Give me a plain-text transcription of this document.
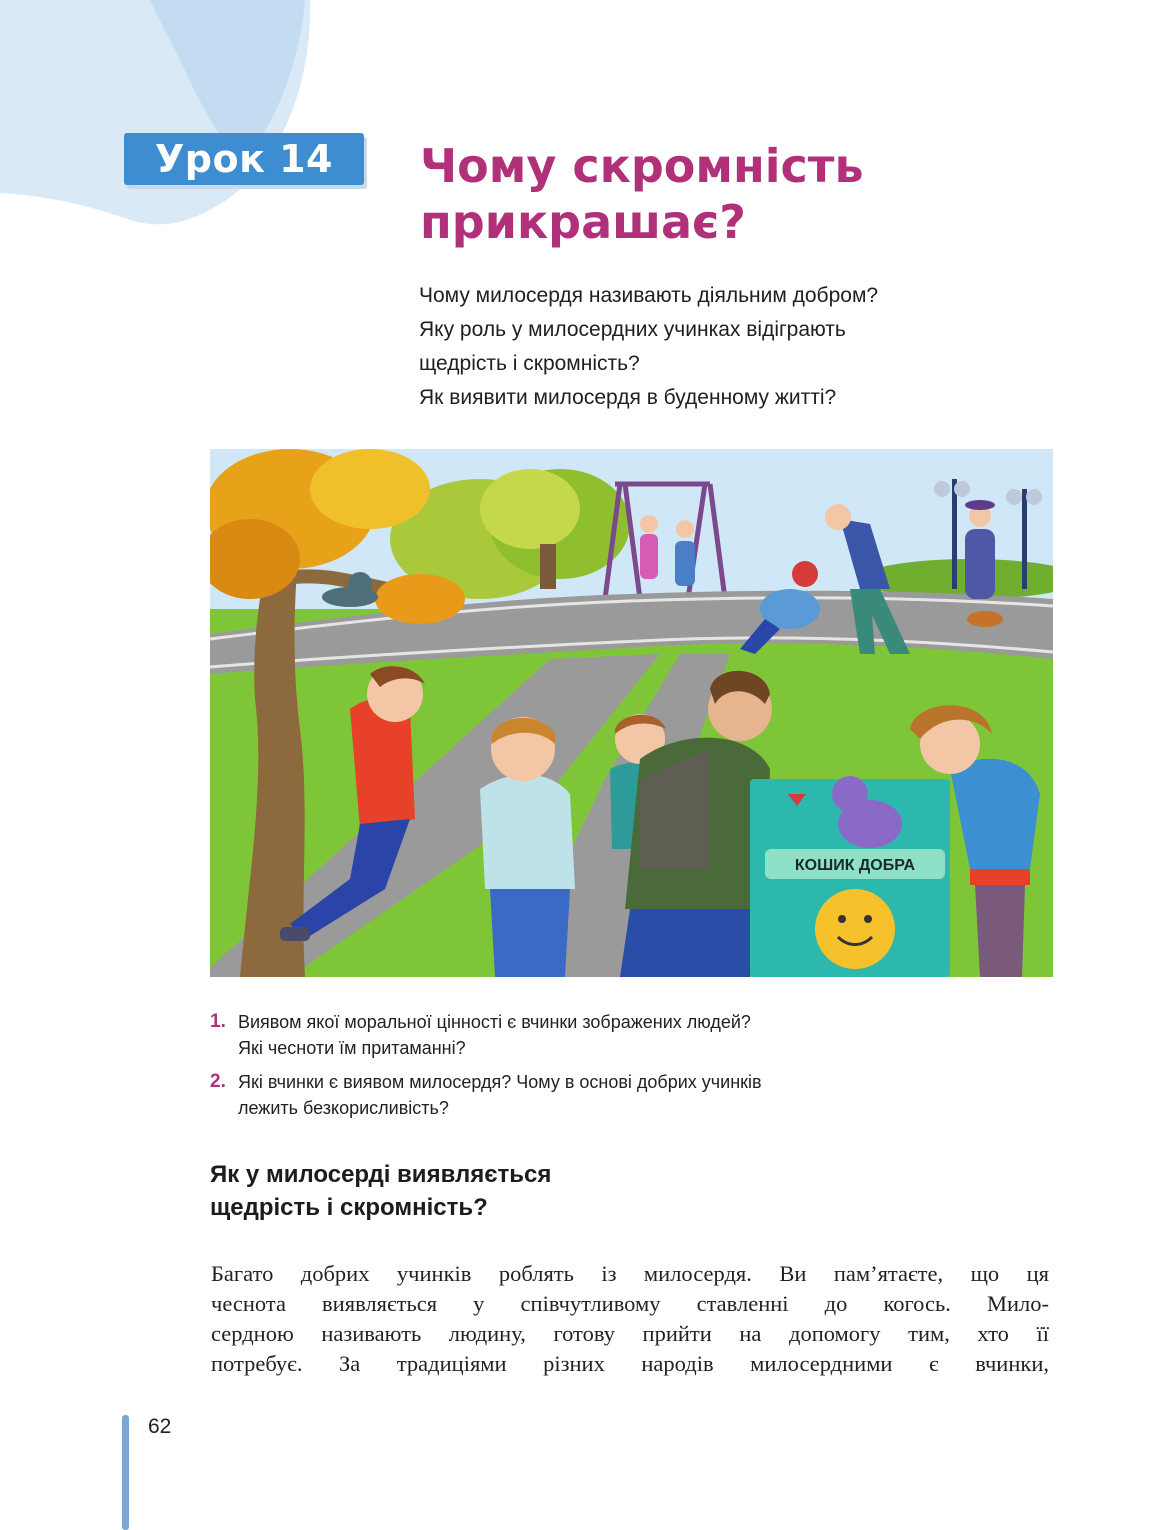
Урок 14	Чому скромність
прикрашає?
Чому милосердя називають діяльним добром?
Яку роль у милосердних учинках відіграють
щедрість і скромність?
Як виявити милосердя в буденному житті?
КОШИК ДОБРА
1. Виявом якої моральної цінності є вчинки зображених людей?
Які чесноти їм притаманні?
2. Які вчинки є виявом милосердя? Чому в основі добрих учинків
лежить безкорисливість?
Як у милосерді виявляється
щедрість і скромність?

Багато добрих учинків роблять із милосердя. Ви пам’ятаєте, що ця
чеснота виявляється у співчутливому ставленні до когось. Мило-
сердною називають людину, готову прийти на допомогу тим, хто її
потребує. За традиціями різних народів милосердними є вчинки,

62
